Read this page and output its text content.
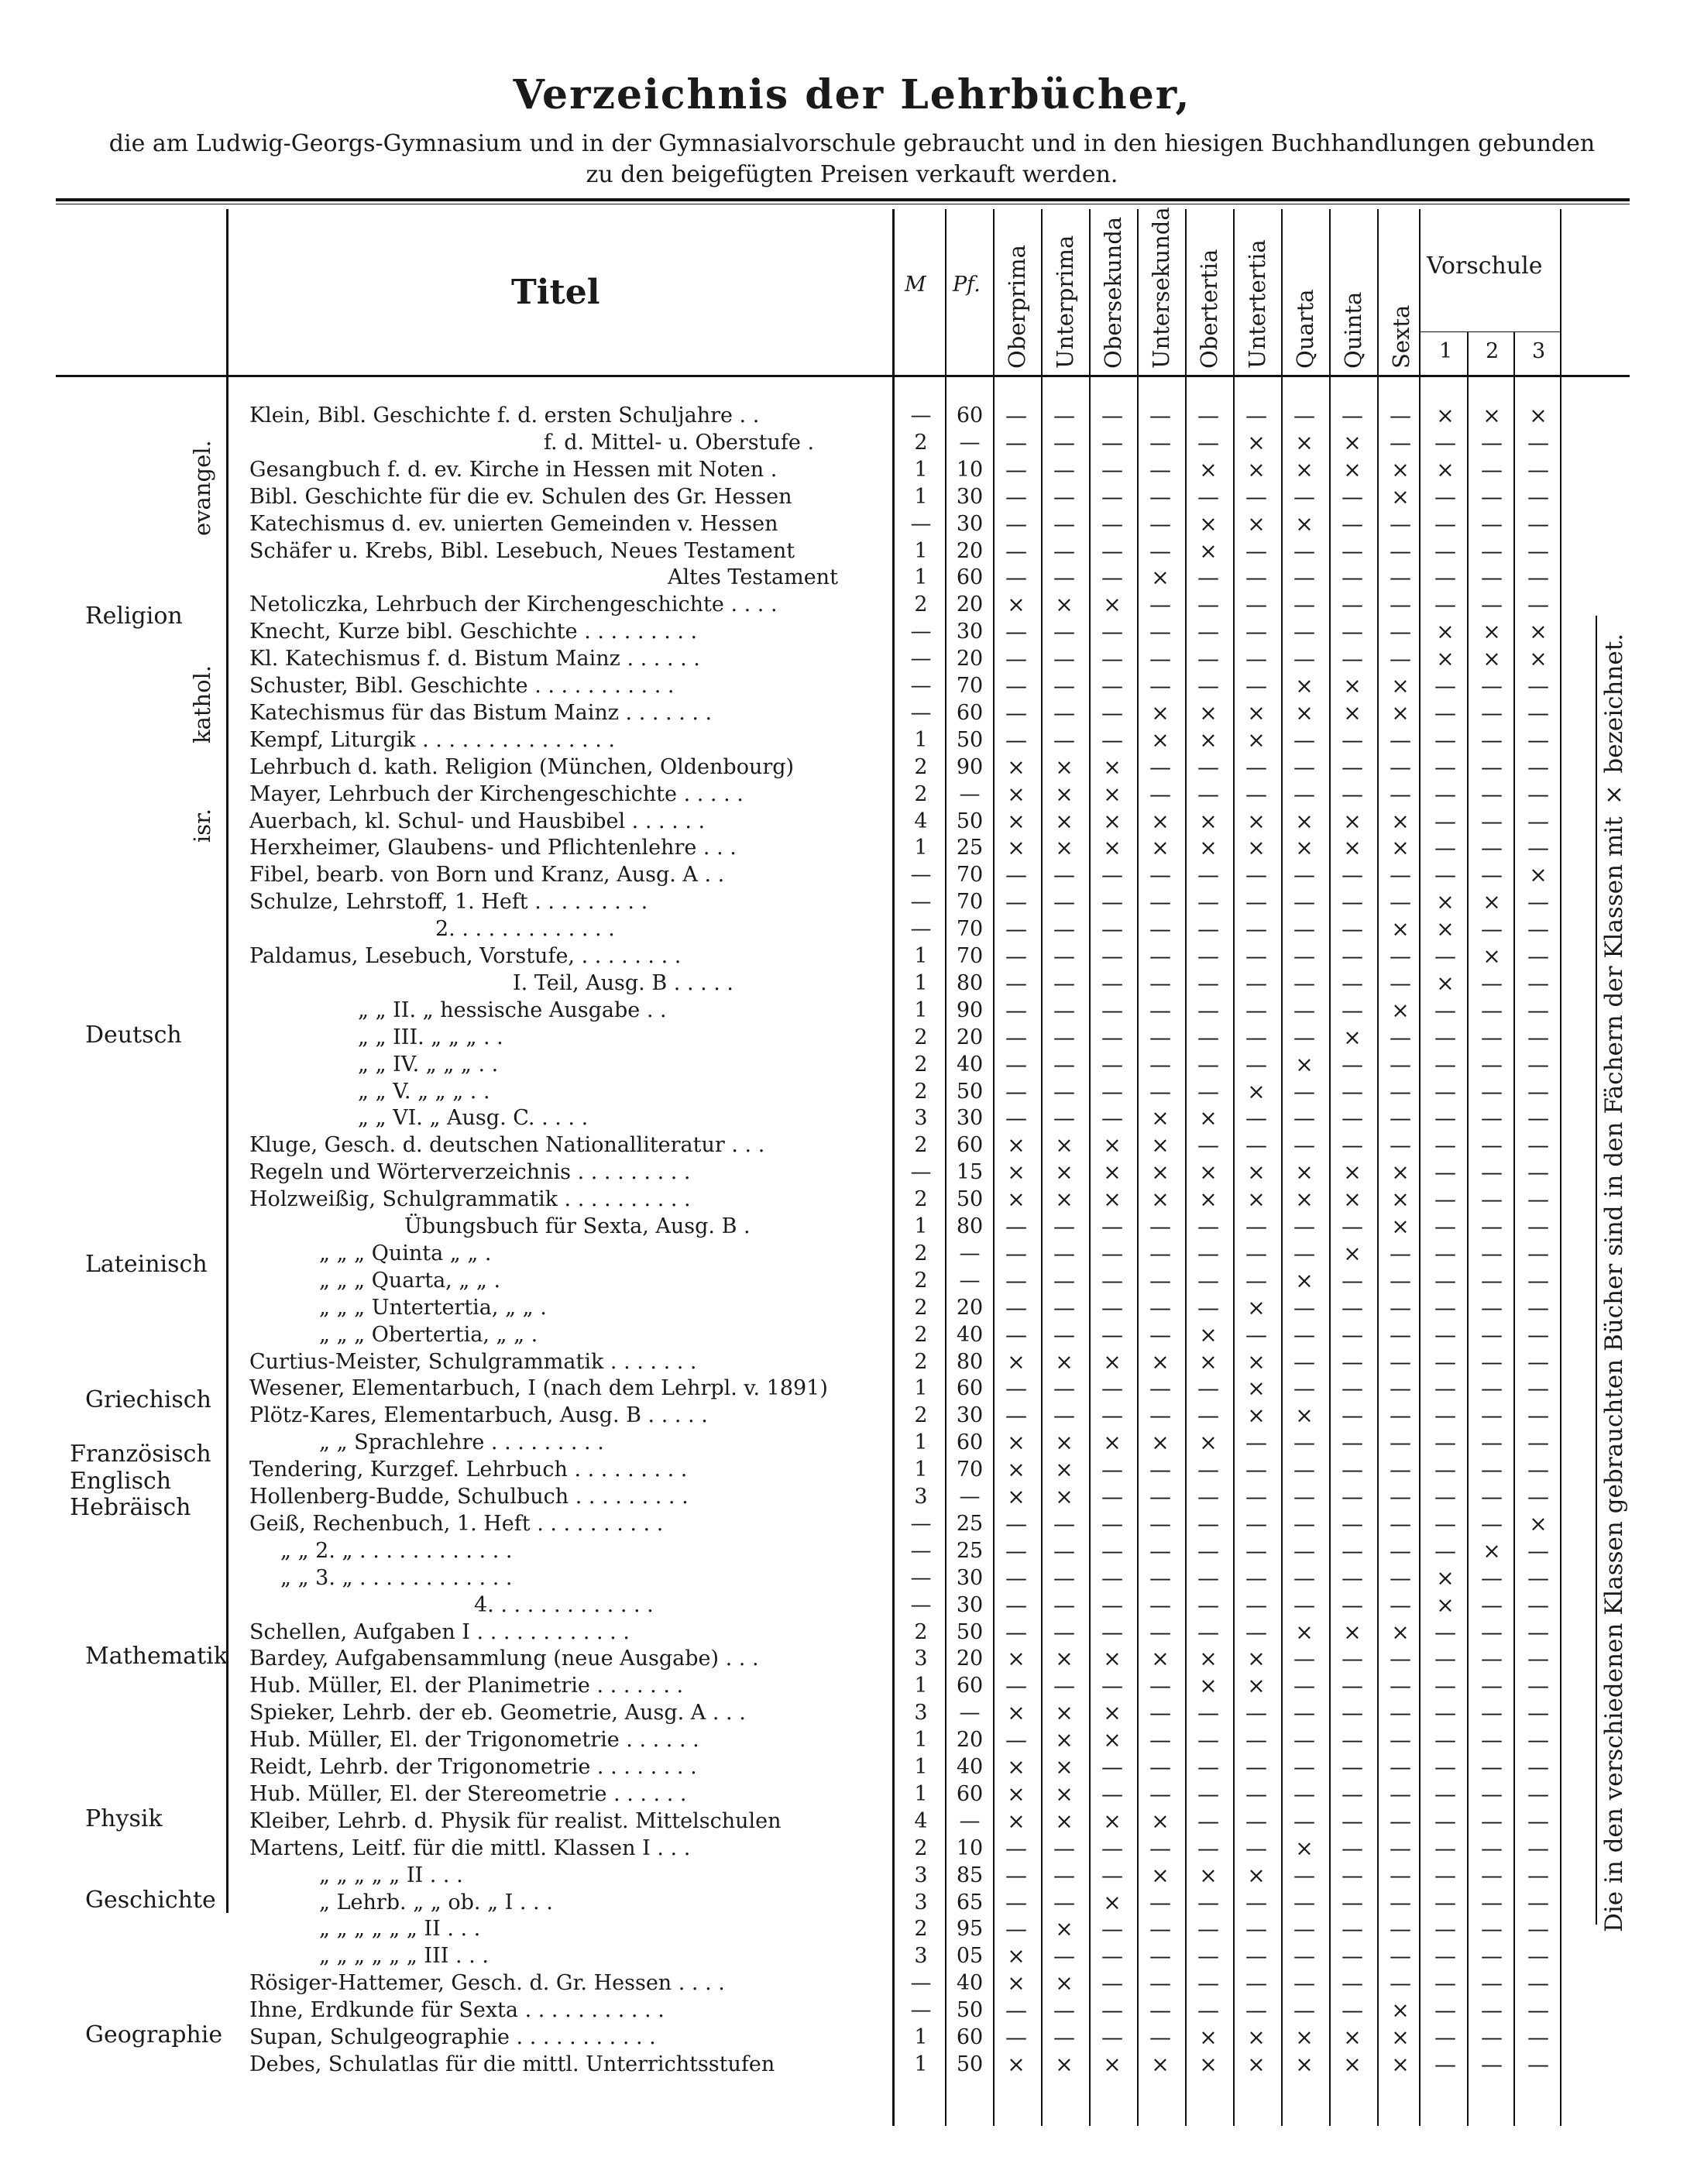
Verzeichnis der Lehrbücher,
die am Ludwig-Georgs-Gymnasium und in der Gymnasialvorschule gebraucht und in den hiesigen Buchhandlungen gebunden
zu den beigefügten Preisen verkauft werden.
Titel	M Pf. Oberprima Unterprima Obersekunda Untersekunda Obertertia Untertertia Quarta Quinta Sexta
Vorschule
1 2 3
Religion
evangel.
kathol.
isr.
Deutsch
Lateinisch
Griechisch
Französisch
Englisch
Hebräisch
Mathematik
Physik
Geschichte
Geographie
Klein, Bibl. Geschichte f. d. ersten Schuljahre . .	—	60	—	—	—	—	—	—	—	—	—	×	×	×
f. d. Mittel- u. Oberstufe .	2	—	—	—	—	—	—	×	×	×	—	—	—	—
Gesangbuch f. d. ev. Kirche in Hessen mit Noten .	1	10	—	—	—	—	×	×	×	×	×	×	—	—
Bibl. Geschichte für die ev. Schulen des Gr. Hessen	1	30	—	—	—	—	—	—	—	—	×	—	—	—
Katechismus d. ev. unierten Gemeinden v. Hessen	—	30	—	—	—	—	×	×	×	—	—	—	—	—
Schäfer u. Krebs, Bibl. Lesebuch, Neues Testament	1	20	—	—	—	—	×	—	—	—	—	—	—	—
Altes Testament	1	60	—	—	—	×	—	—	—	—	—	—	—	—
Netoliczka, Lehrbuch der Kirchengeschichte . . . .	2	20	×	×	×	—	—	—	—	—	—	—	—	—
Knecht, Kurze bibl. Geschichte . . . . . . . . .	—	30	—	—	—	—	—	—	—	—	—	×	×	×
Kl. Katechismus f. d. Bistum Mainz . . . . . .	—	20	—	—	—	—	—	—	—	—	—	×	×	×
Schuster, Bibl. Geschichte . . . . . . . . . . .	—	70	—	—	—	—	—	—	×	×	×	—	—	—
Katechismus für das Bistum Mainz . . . . . . .	—	60	—	—	—	×	×	×	×	×	×	—	—	—
Kempf, Liturgik . . . . . . . . . . . . . . .	1	50	—	—	—	×	×	×	—	—	—	—	—	—
Lehrbuch d. kath. Religion (München, Oldenbourg)	2	90	×	×	×	—	—	—	—	—	—	—	—	—
Mayer, Lehrbuch der Kirchengeschichte . . . . .	2	—	×	×	×	—	—	—	—	—	—	—	—	—
Auerbach, kl. Schul- und Hausbibel . . . . . .	4	50	×	×	×	×	×	×	×	×	×	—	—	—
Herxheimer, Glaubens- und Pflichtenlehre . . .	1	25	×	×	×	×	×	×	×	×	×	—	—	—
Fibel, bearb. von Born und Kranz, Ausg. A . .	—	70	—	—	—	—	—	—	—	—	—	—	—	×
Schulze, Lehrstoff, 1. Heft . . . . . . . . .	—	70	—	—	—	—	—	—	—	—	—	×	×	—
2. . . . . . . . . . . . .	—	70	—	—	—	—	—	—	—	—	×	×	—	—
Paldamus, Lesebuch, Vorstufe, . . . . . . . .	1	70	—	—	—	—	—	—	—	—	—	—	×	—
I. Teil, Ausg. B . . . . .	1	80	—	—	—	—	—	—	—	—	—	×	—	—
„ „ II. „ hessische Ausgabe . .	1	90	—	—	—	—	—	—	—	—	×	—	—	—
„ „ III. „ „ „ . .	2	20	—	—	—	—	—	—	—	×	—	—	—	—
„ „ IV. „ „ „ . .	2	40	—	—	—	—	—	—	×	—	—	—	—	—
„ „ V. „ „ „ . .	2	50	—	—	—	—	—	×	—	—	—	—	—	—
„ „ VI. „ Ausg. C. . . . .	3	30	—	—	—	×	×	—	—	—	—	—	—	—
Kluge, Gesch. d. deutschen Nationalliteratur . . .	2	60	×	×	×	×	—	—	—	—	—	—	—	—
Regeln und Wörterverzeichnis . . . . . . . . .	—	15	×	×	×	×	×	×	×	×	×	—	—	—
Holzweißig, Schulgrammatik . . . . . . . . . .	2	50	×	×	×	×	×	×	×	×	×	—	—	—
Übungsbuch für Sexta, Ausg. B .	1	80	—	—	—	—	—	—	—	—	×	—	—	—
„ „ „ Quinta „ „ .	2	—	—	—	—	—	—	—	—	×	—	—	—	—
„ „ „ Quarta, „ „ .	2	—	—	—	—	—	—	—	×	—	—	—	—	—
„ „ „ Untertertia, „ „ .	2	20	—	—	—	—	—	×	—	—	—	—	—	—
„ „ „ Obertertia, „ „ .	2	40	—	—	—	—	×	—	—	—	—	—	—	—
Curtius-Meister, Schulgrammatik . . . . . . .	2	80	×	×	×	×	×	×	—	—	—	—	—	—
Wesener, Elementarbuch, I (nach dem Lehrpl. v. 1891)	1	60	—	—	—	—	—	×	—	—	—	—	—	—
Plötz-Kares, Elementarbuch, Ausg. B . . . . .	2	30	—	—	—	—	—	×	×	—	—	—	—	—
„ „ Sprachlehre . . . . . . . . .	1	60	×	×	×	×	×	—	—	—	—	—	—	—
Tendering, Kurzgef. Lehrbuch . . . . . . . . .	1	70	×	×	—	—	—	—	—	—	—	—	—	—
Hollenberg-Budde, Schulbuch . . . . . . . . .	3	—	×	×	—	—	—	—	—	—	—	—	—	—
Geiß, Rechenbuch, 1. Heft . . . . . . . . . .	—	25	—	—	—	—	—	—	—	—	—	—	—	×
„ „ 2. „ . . . . . . . . . . . .	—	25	—	—	—	—	—	—	—	—	—	—	×	—
„ „ 3. „ . . . . . . . . . . . .	—	30	—	—	—	—	—	—	—	—	—	×	—	—
4. . . . . . . . . . . . .	—	30	—	—	—	—	—	—	—	—	—	×	—	—
Schellen, Aufgaben I . . . . . . . . . . . .	2	50	—	—	—	—	—	—	×	×	×	—	—	—
Bardey, Aufgabensammlung (neue Ausgabe) . . .	3	20	×	×	×	×	×	×	—	—	—	—	—	—
Hub. Müller, El. der Planimetrie . . . . . . .	1	60	—	—	—	—	×	×	—	—	—	—	—	—
Spieker, Lehrb. der eb. Geometrie, Ausg. A . . .	3	—	×	×	×	—	—	—	—	—	—	—	—	—
Hub. Müller, El. der Trigonometrie . . . . . .	1	20	—	×	×	—	—	—	—	—	—	—	—	—
Reidt, Lehrb. der Trigonometrie . . . . . . . .	1	40	×	×	—	—	—	—	—	—	—	—	—	—
Hub. Müller, El. der Stereometrie . . . . . .	1	60	×	×	—	—	—	—	—	—	—	—	—	—
Kleiber, Lehrb. d. Physik für realist. Mittelschulen	4	—	×	×	×	×	—	—	—	—	—	—	—	—
Martens, Leitf. für die mittl. Klassen I . . .	2	10	—	—	—	—	—	—	×	—	—	—	—	—
„ „ „ „ „ II . . .	3	85	—	—	—	×	×	×	—	—	—	—	—	—
„ Lehrb. „ „ ob. „ I . . .	3	65	—	—	×	—	—	—	—	—	—	—	—	—
„ „ „ „ „ „ II . . .	2	95	—	×	—	—	—	—	—	—	—	—	—	—
„ „ „ „ „ „ III . . .	3	05	×	—	—	—	—	—	—	—	—	—	—	—
Rösiger-Hattemer, Gesch. d. Gr. Hessen . . . .	—	40	×	×	—	—	—	—	—	—	—	—	—	—
Ihne, Erdkunde für Sexta . . . . . . . . . . .	—	50	—	—	—	—	—	—	—	—	×	—	—	—
Supan, Schulgeographie . . . . . . . . . . .	1	60	—	—	—	—	×	×	×	×	×	—	—	—
Debes, Schulatlas für die mittl. Unterrichtsstufen	1	50	×	×	×	×	×	×	×	×	×	—	—	—
Die in den verschiedenen Klassen gebrauchten Bücher sind in den Fächern der Klassen mit × bezeichnet.
